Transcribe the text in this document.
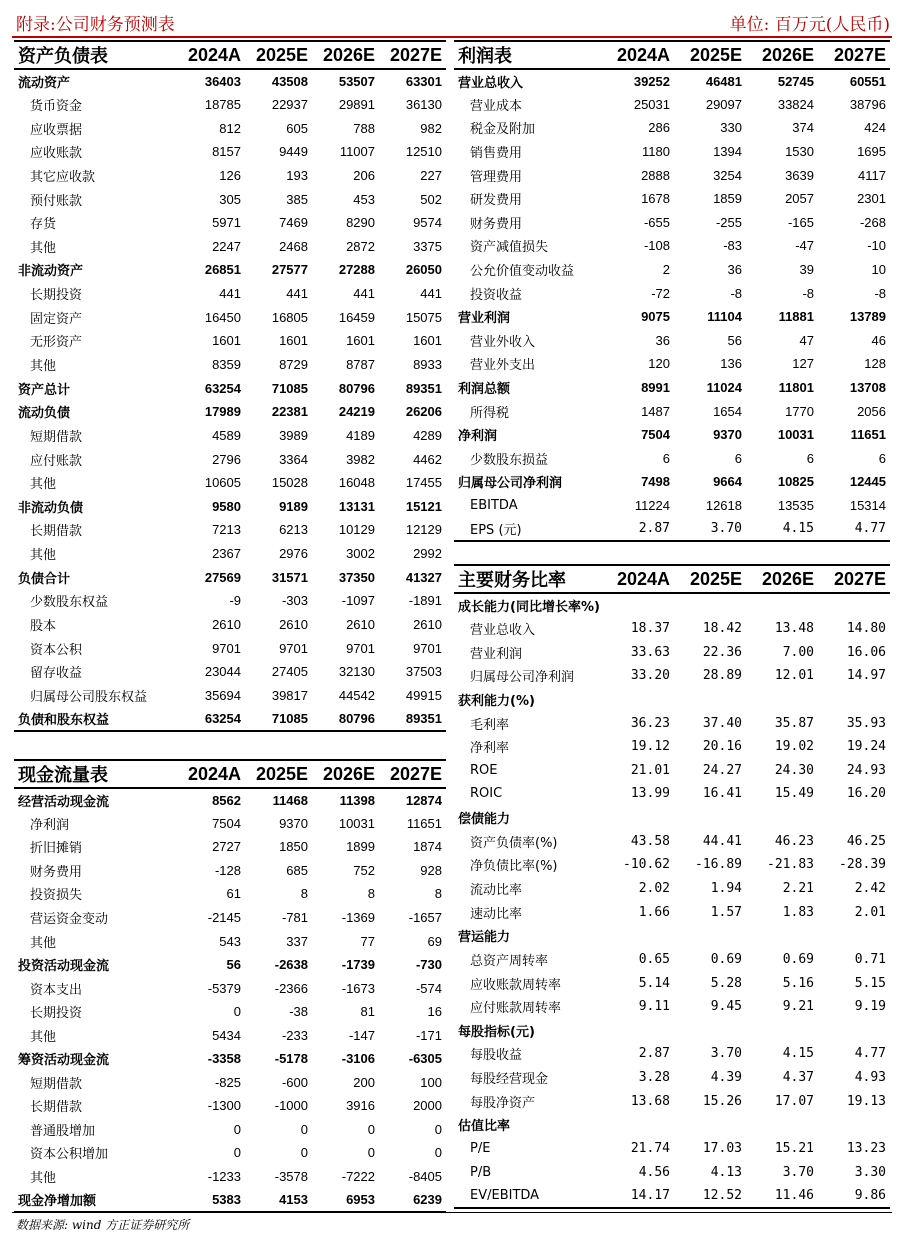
附录:公司财务预测表	单位: 百万元(人民币)
资产负债表	2024A	2025E	2026E	2027E
流动资产	36403	43508	53507	63301
货币资金	18785	22937	29891	36130
应收票据	812	605	788	982
应收账款	8157	9449	11007	12510
其它应收款	126	193	206	227
预付账款	305	385	453	502
存货	5971	7469	8290	9574
其他	2247	2468	2872	3375
非流动资产	26851	27577	27288	26050
长期投资	441	441	441	441
固定资产	16450	16805	16459	15075
无形资产	1601	1601	1601	1601
其他	8359	8729	8787	8933
资产总计	63254	71085	80796	89351
流动负债	17989	22381	24219	26206
短期借款	4589	3989	4189	4289
应付账款	2796	3364	3982	4462
其他	10605	15028	16048	17455
非流动负债	9580	9189	13131	15121
长期借款	7213	6213	10129	12129
其他	2367	2976	3002	2992
负债合计	27569	31571	37350	41327
少数股东权益	-9	-303	-1097	-1891
股本	2610	2610	2610	2610
资本公积	9701	9701	9701	9701
留存收益	23044	27405	32130	37503
归属母公司股东权益	35694	39817	44542	49915
负债和股东权益	63254	71085	80796	89351
利润表	2024A	2025E	2026E	2027E
营业总收入	39252	46481	52745	60551
营业成本	25031	29097	33824	38796
税金及附加	286	330	374	424
销售费用	1180	1394	1530	1695
管理费用	2888	3254	3639	4117
研发费用	1678	1859	2057	2301
财务费用	-655	-255	-165	-268
资产减值损失	-108	-83	-47	-10
公允价值变动收益	2	36	39	10
投资收益	-72	-8	-8	-8
营业利润	9075	11104	11881	13789
营业外收入	36	56	47	46
营业外支出	120	136	127	128
利润总额	8991	11024	11801	13708
所得税	1487	1654	1770	2056
净利润	7504	9370	10031	11651
少数股东损益	6	6	6	6
归属母公司净利润	7498	9664	10825	12445
EBITDA	11224	12618	13535	15314
EPS (元)	2.87	3.70	4.15	4.77
现金流量表	2024A	2025E	2026E	2027E
经营活动现金流	8562	11468	11398	12874
净利润	7504	9370	10031	11651
折旧摊销	2727	1850	1899	1874
财务费用	-128	685	752	928
投资损失	61	8	8	8
营运资金变动	-2145	-781	-1369	-1657
其他	543	337	77	69
投资活动现金流	56	-2638	-1739	-730
资本支出	-5379	-2366	-1673	-574
长期投资	0	-38	81	16
其他	5434	-233	-147	-171
筹资活动现金流	-3358	-5178	-3106	-6305
短期借款	-825	-600	200	100
长期借款	-1300	-1000	3916	2000
普通股增加	0	0	0	0
资本公积增加	0	0	0	0
其他	-1233	-3578	-7222	-8405
现金净增加额	5383	4153	6953	6239
主要财务比率	2024A	2025E	2026E	2027E
成长能力(同比增长率%)				
营业总收入	18.37	18.42	13.48	14.80
营业利润	33.63	22.36	7.00	16.06
归属母公司净利润	33.20	28.89	12.01	14.97
获利能力(%)				
毛利率	36.23	37.40	35.87	35.93
净利率	19.12	20.16	19.02	19.24
ROE	21.01	24.27	24.30	24.93
ROIC	13.99	16.41	15.49	16.20
偿债能力				
资产负债率(%)	43.58	44.41	46.23	46.25
净负债比率(%)	-10.62	-16.89	-21.83	-28.39
流动比率	2.02	1.94	2.21	2.42
速动比率	1.66	1.57	1.83	2.01
营运能力				
总资产周转率	0.65	0.69	0.69	0.71
应收账款周转率	5.14	5.28	5.16	5.15
应付账款周转率	9.11	9.45	9.21	9.19
每股指标(元)				
每股收益	2.87	3.70	4.15	4.77
每股经营现金	3.28	4.39	4.37	4.93
每股净资产	13.68	15.26	17.07	19.13
估值比率				
P/E	21.74	17.03	15.21	13.23
P/B	4.56	4.13	3.70	3.30
EV/EBITDA	14.17	12.52	11.46	9.86
数据来源: wind 方正证券研究所
